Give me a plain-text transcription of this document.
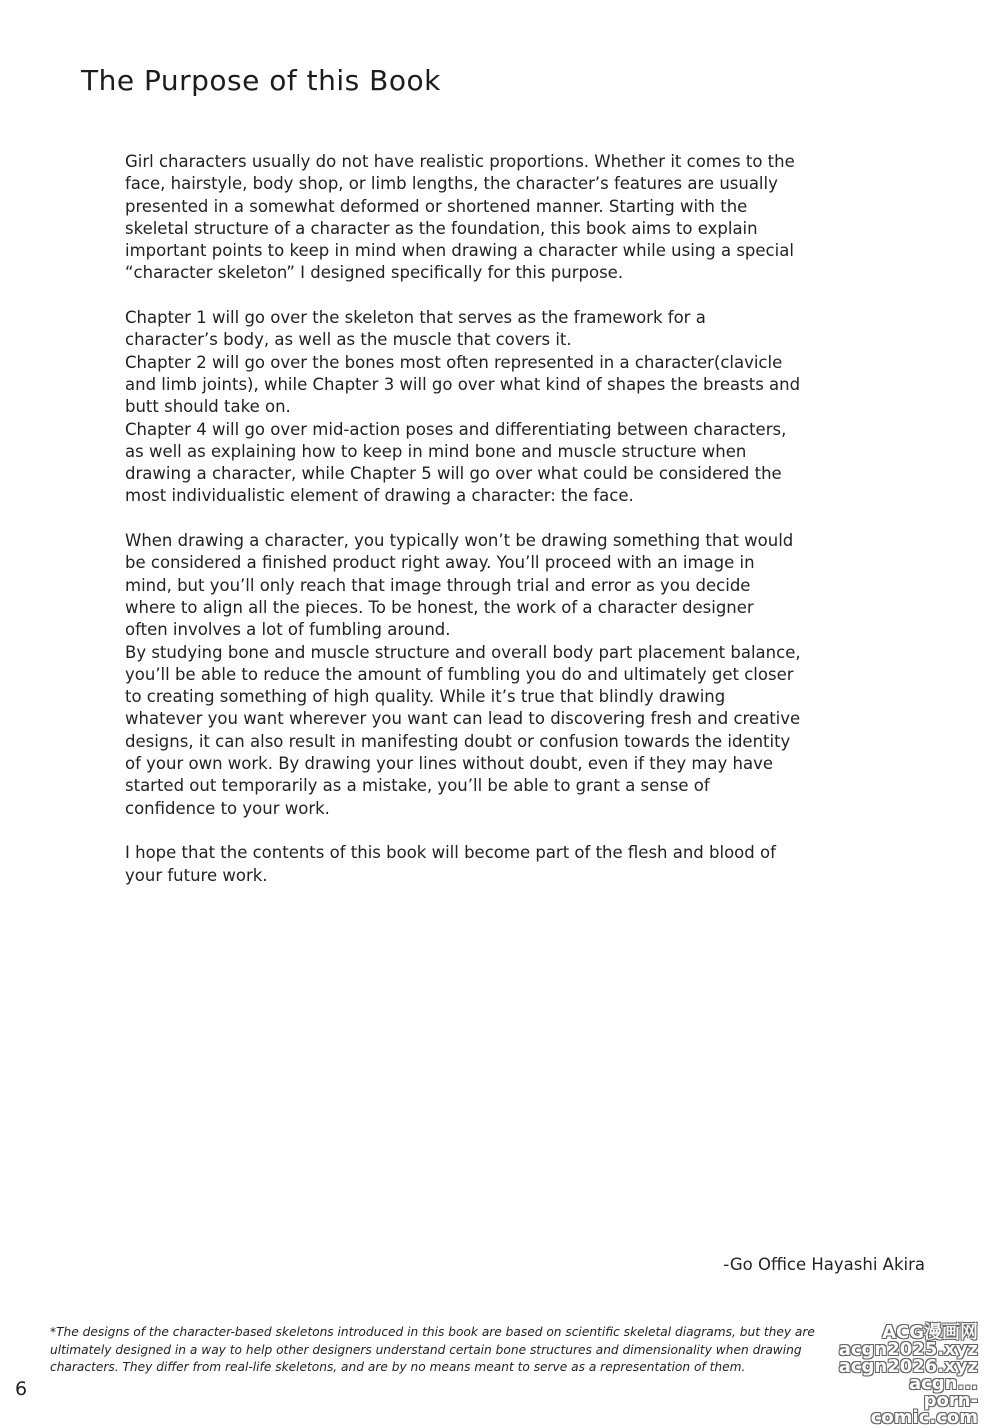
The Purpose of this Book

Girl characters usually do not have realistic proportions. Whether it comes to the
face, hairstyle, body shop, or limb lengths, the character’s features are usually
presented in a somewhat deformed or shortened manner. Starting with the
skeletal structure of a character as the foundation, this book aims to explain
important points to keep in mind when drawing a character while using a special
“character skeleton” I designed specifically for this purpose.

Chapter 1 will go over the skeleton that serves as the framework for a
character’s body, as well as the muscle that covers it.
Chapter 2 will go over the bones most often represented in a character(clavicle
and limb joints), while Chapter 3 will go over what kind of shapes the breasts and
butt should take on.
Chapter 4 will go over mid-action poses and differentiating between characters,
as well as explaining how to keep in mind bone and muscle structure when
drawing a character, while Chapter 5 will go over what could be considered the
most individualistic element of drawing a character: the face.

When drawing a character, you typically won’t be drawing something that would
be considered a finished product right away. You’ll proceed with an image in
mind, but you’ll only reach that image through trial and error as you decide
where to align all the pieces. To be honest, the work of a character designer
often involves a lot of fumbling around.
By studying bone and muscle structure and overall body part placement balance,
you’ll be able to reduce the amount of fumbling you do and ultimately get closer
to creating something of high quality. While it’s true that blindly drawing
whatever you want wherever you want can lead to discovering fresh and creative
designs, it can also result in manifesting doubt or confusion towards the identity
of your own work. By drawing your lines without doubt, even if they may have
started out temporarily as a mistake, you’ll be able to grant a sense of
confidence to your work.

I hope that the contents of this book will become part of the flesh and blood of
your future work.

-Go Office Hayashi Akira
*The designs of the character-based skeletons introduced in this book are based on scientific skeletal diagrams, but they are
ultimately designed in a way to help other designers understand certain bone structures and dimensionality when drawing
characters. They differ from real-life skeletons, and are by no means meant to serve as a representation of them.
6
ACG漫画网
acgn2025.xyz
acgn2026.xyz
acgn...
porn-comic.com
